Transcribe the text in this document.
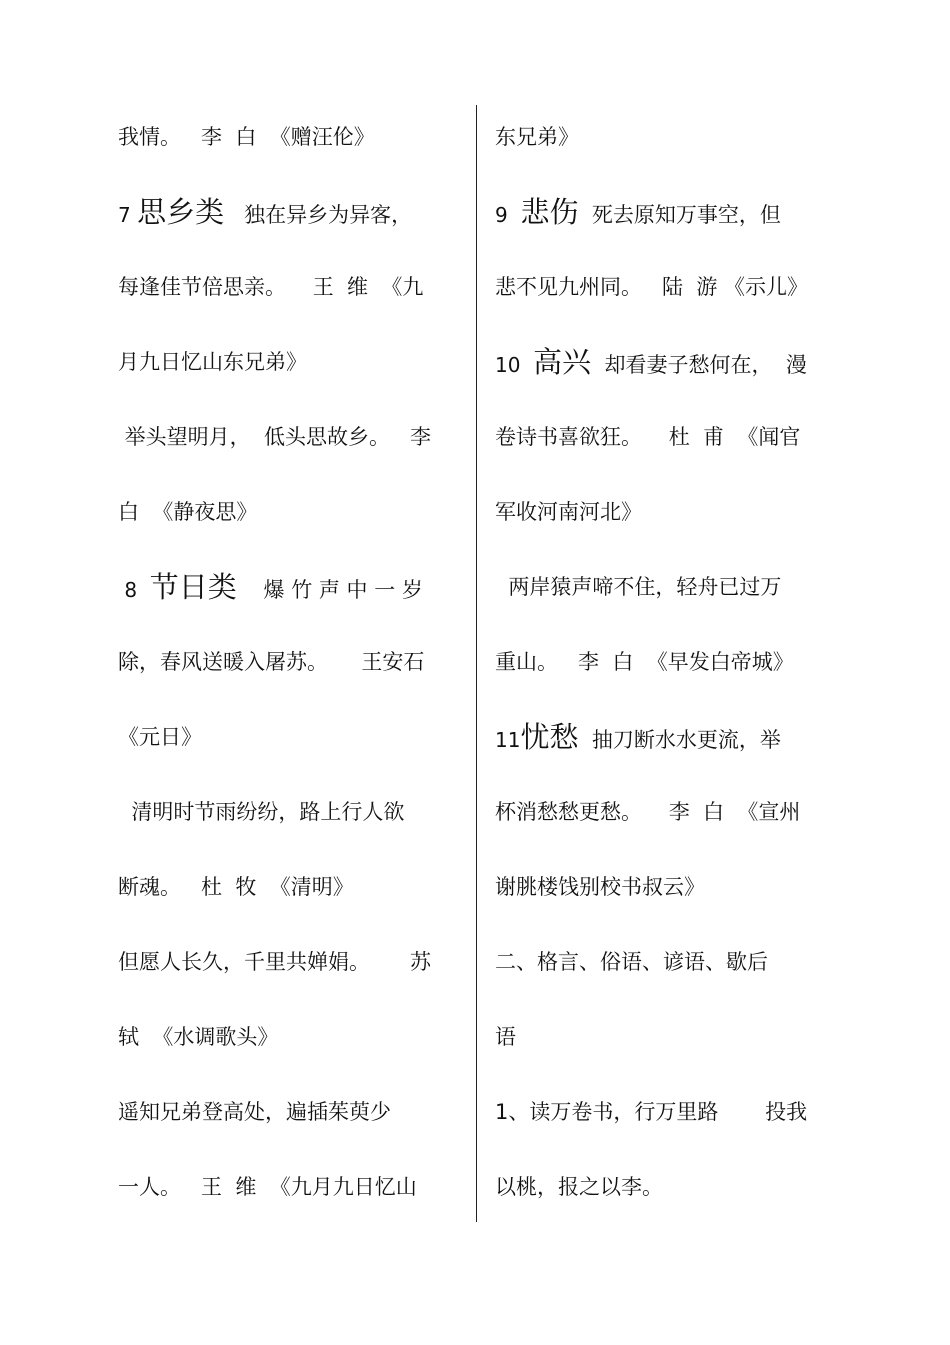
我情。   李  白  《赠汪伦》
7 思乡类   独在异乡为异客，
每逢佳节倍思亲。    王  维  《九
月九日忆山东兄弟》
举头望明月，  低头思故乡。   李
白  《静夜思》
8  节日类    爆 竹 声 中 一 岁
除，春风送暖入屠苏。     王安石
《元日》
清明时节雨纷纷，路上行人欲
断魂。   杜  牧  《清明》
但愿人长久，千里共婵娟。      苏
轼  《水调歌头》
遥知兄弟登高处，遍插茱萸少
一人。   王  维  《九月九日忆山
东兄弟》
9  悲伤  死去原知万事空，但
悲不见九州同。   陆  游 《示儿》
10  高兴  却看妻子愁何在，  漫
卷诗书喜欲狂。    杜  甫  《闻官
军收河南河北》
两岸猿声啼不住，轻舟已过万
重山。   李  白  《早发白帝城》
11忧愁  抽刀断水水更流，举
杯消愁愁更愁。    李  白  《宣州
谢朓楼饯别校书叔云》
二、格言、俗语、谚语、歇后
语
1、读万卷书，行万里路       投我
以桃，报之以李。
